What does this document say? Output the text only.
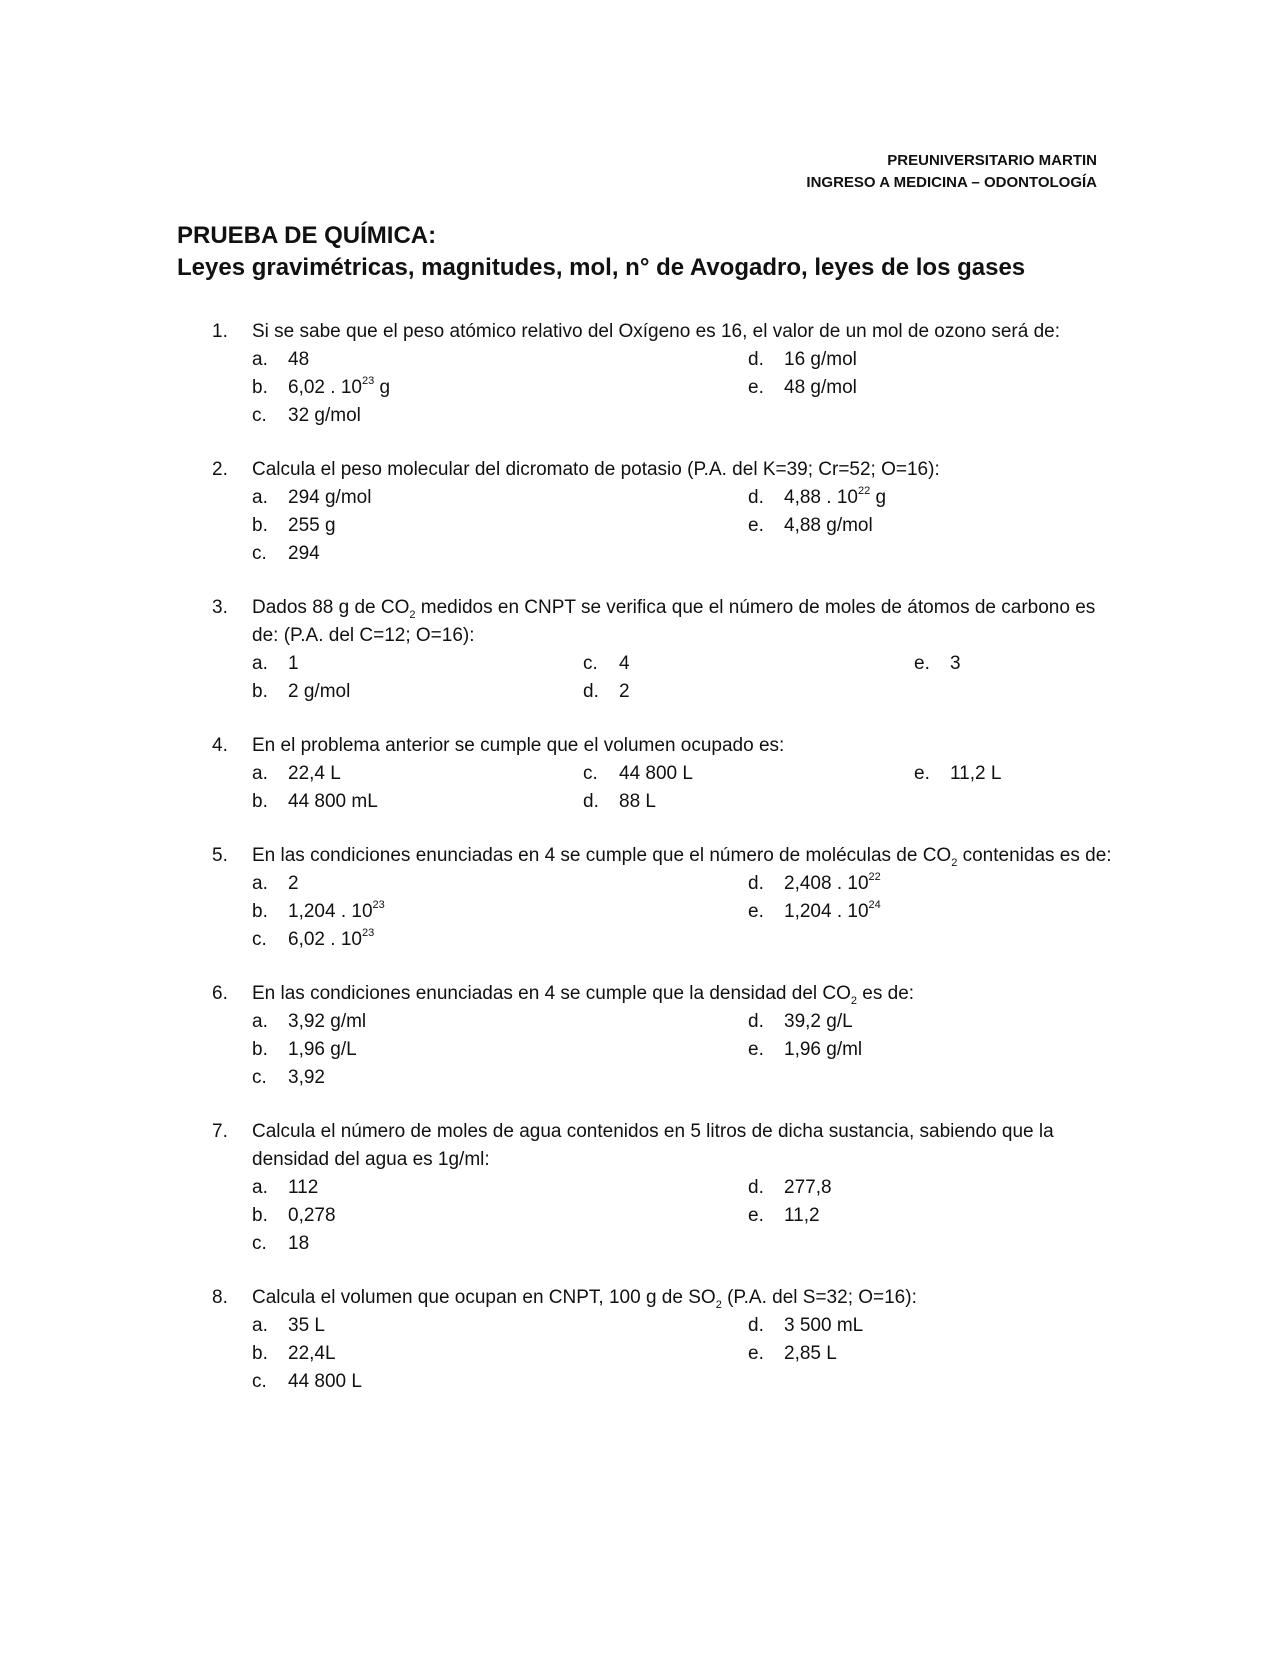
PREUNIVERSITARIO MARTIN
INGRESO A MEDICINA – ODONTOLOGÍA
PRUEBA DE QUÍMICA:
Leyes gravimétricas, magnitudes, mol, n° de Avogadro, leyes de los gases
1.	Si se sabe que el peso atómico relativo del Oxígeno es 16, el valor de un mol de ozono será de:
a. 48
b. 6,02 . $10^{23}$ g
c. 32 g/mol
d. 16 g/mol
e. 48 g/mol
2.	Calcula el peso molecular del dicromato de potasio (P.A. del K=39; Cr=52; O=16):
a. 294 g/mol
b. 255 g
c. 294
d. 4,88 . $10^{22}$ g
e. 4,88 g/mol
3.	Dados 88 g de $CO_2$ medidos en CNPT se verifica que el número de moles de átomos de carbono es de: (P.A. del C=12; O=16):
a. 1
b. 2 g/mol
c. 4
d. 2
e. 3
4.	En el problema anterior se cumple que el volumen ocupado es:
a. 22,4 L
b. 44 800 mL
c. 44 800 L
d. 88 L
e. 11,2 L
5.	En las condiciones enunciadas en 4 se cumple que el número de moléculas de $CO_2$ contenidas es de:
a. 2
b. 1,204 . $10^{23}$
c. 6,02 . $10^{23}$
d. 2,408 . $10^{22}$
e. 1,204 . $10^{24}$
6.	En las condiciones enunciadas en 4 se cumple que la densidad del $CO_2$ es de:
a. 3,92 g/ml
b. 1,96 g/L
c. 3,92
d. 39,2 g/L
e. 1,96 g/ml
7.	Calcula el número de moles de agua contenidos en 5 litros de dicha sustancia, sabiendo que la densidad del agua es 1g/ml:
a. 112
b. 0,278
c. 18
d. 277,8
e. 11,2
8.	Calcula el volumen que ocupan en CNPT, 100 g de $SO_2$ (P.A. del S=32; O=16):
a. 35 L
b. 22,4L
c. 44 800 L
d. 3 500 mL
e. 2,85 L
